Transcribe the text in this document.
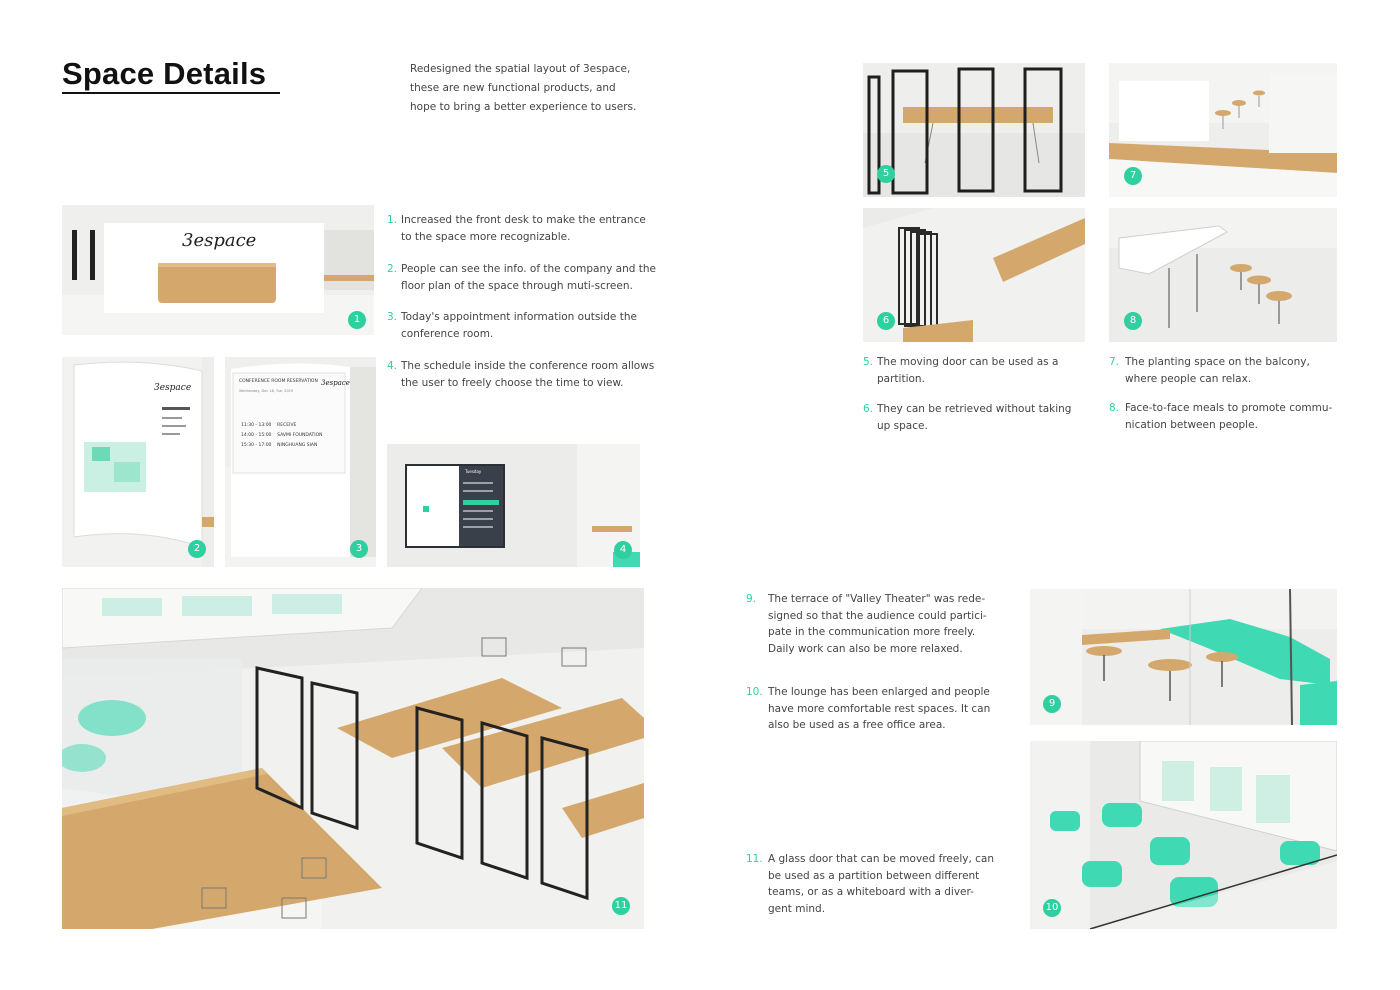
Space Details	Redesigned the spatial layout of 3espace,
these are new functional products, and
hope to bring a better experience to users.
3espace
1
3espace
2
CONFERENCE ROOM RESERVATION
Wednesday, Dec 18, Tue, 2019
3espace
11:30 - 13:00 RECEIVE
14:00 - 15:00 SAVMI FOUNDATION
15:30 - 17:00 NINGHUANG SIAN
3
Tuesday
4
1. Increased the front desk to make the entrance
to the space more recognizable.
2. People can see the info. of the company and the
floor plan of the space through muti-screen.
3. Today's appointment information outside the
conference room.
4. The schedule inside the conference room allows
the user to freely choose the time to view.
5
6
7
8
5. The moving door can be used as a
partition.
6. They can be retrieved without taking
up space.
7. The planting space on the balcony,
where people can relax.
8. Face-to-face meals to promote commu-
nication between people.
11
9. The terrace of "Valley Theater" was rede-
signed so that the audience could partici-
pate in the communication more freely.
Daily work can also be more relaxed.
10. The lounge has been enlarged and people
have more comfortable rest spaces. It can
also be used as a free office area.
11. A glass door that can be moved freely, can
be used as a partition between different
teams, or as a whiteboard with a diver-
gent mind.
9
10
